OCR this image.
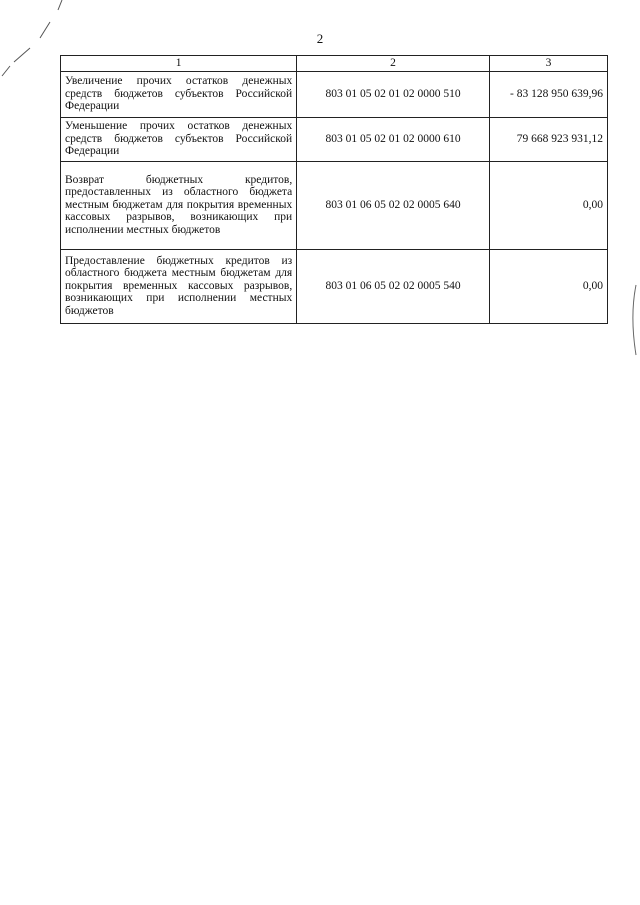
2
1	2	3
Увеличение прочих остатков денежных средств бюджетов субъектов Российской Федерации	803 01 05 02 01 02 0000 510	- 83 128 950 639,96
Уменьшение прочих остатков денежных средств бюджетов субъектов Российской Федерации	803 01 05 02 01 02 0000 610	79 668 923 931,12
Возврат бюджетных кредитов, предоставленных из областного бюджета местным бюджетам для покрытия временных кассовых разрывов, возникающих при исполнении местных бюджетов	803 01 06 05 02 02 0005 640	0,00
Предоставление бюджетных кредитов из областного бюджета местным бюджетам для покрытия временных кассовых разрывов, возникающих при исполнении местных бюджетов	803 01 06 05 02 02 0005 540	0,00
